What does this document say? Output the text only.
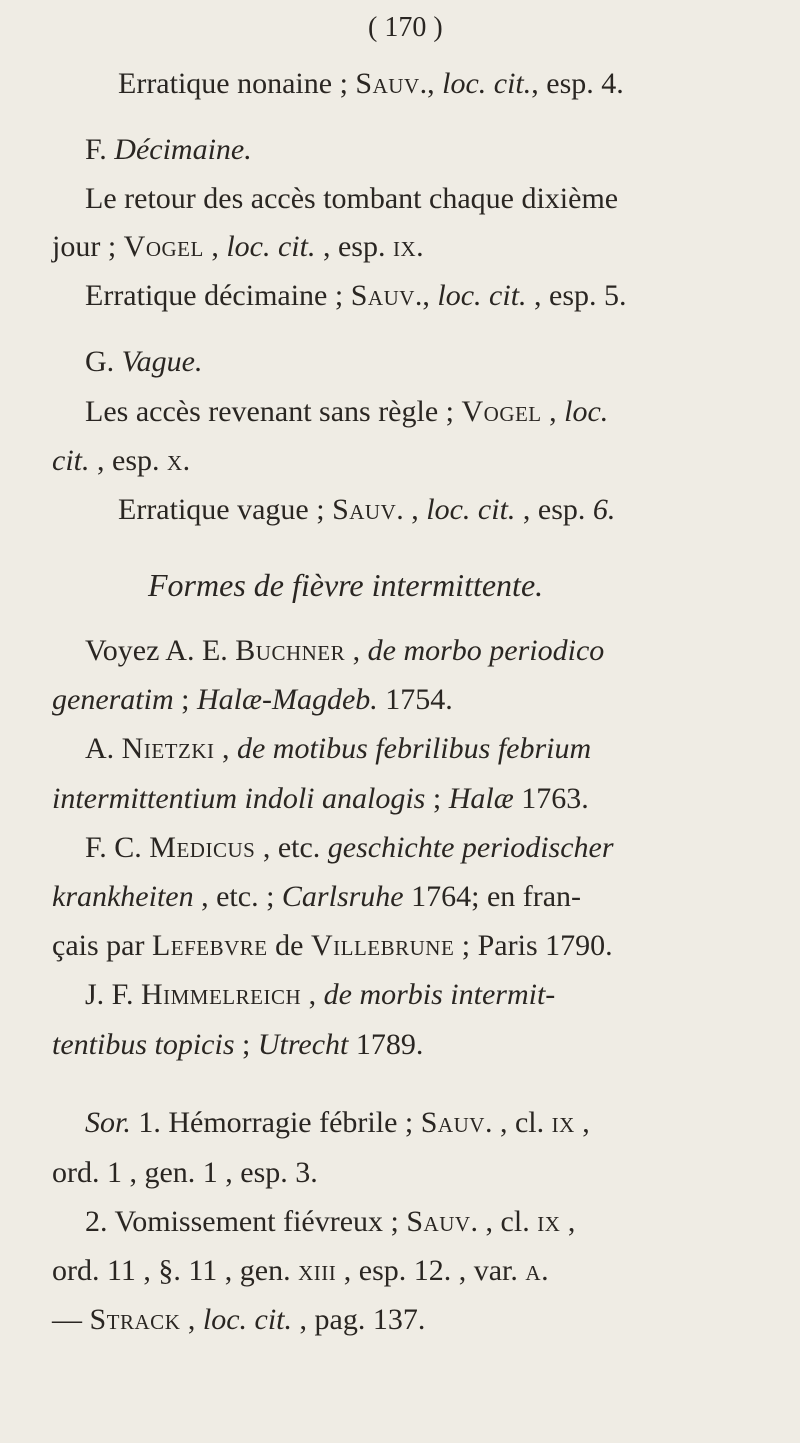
( 170 )
Erratique nonaine ; Sauv., loc. cit., esp. 4.
F. Décimaine.
Le retour des accès tombant chaque dixième
jour ; Vogel , loc. cit. , esp. ix.
Erratique décimaine ; Sauv., loc. cit. , esp. 5.
G. Vague.
Les accès revenant sans règle ; Vogel , loc.
cit. , esp. x.
Erratique vague ; Sauv. , loc. cit. , esp. 6.
Formes de fièvre intermittente.
Voyez A. E. Buchner , de morbo periodico
generatim ; Halæ-Magdeb. 1754.
A. Nietzki , de motibus febrilibus febrium
intermittentium indoli analogis ; Halæ 1763.
F. C. Medicus , etc. geschichte periodischer
krankheiten , etc. ; Carlsruhe 1764; en fran-
çais par Lefebvre de Villebrune ; Paris 1790.
J. F. Himmelreich , de morbis intermit-
tentibus topicis ; Utrecht 1789.
Sor. 1. Hémorragie fébrile ; Sauv. , cl. ix ,
ord. 1 , gen. 1 , esp. 3.
2. Vomissement fiévreux ; Sauv. , cl. ix ,
ord. 11 , §. 11 , gen. xiii , esp. 12. , var. a.
— Strack , loc. cit. , pag. 137.
